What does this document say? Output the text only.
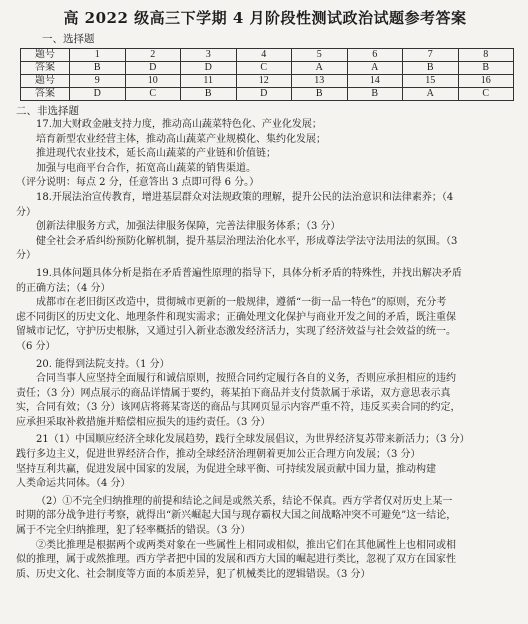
高 2022 级高三下学期 4 月阶段性测试政治试题参考答案
一、选择题
题号	1	2	3	4	5	6	7	8
答案	B	D	D	C	A	A	B	B
题号	9	10	11	12	13	14	15	16
答案	D	C	B	D	B	B	A	C
二、非选择题

17.加大财政金融支持力度，推动高山蔬菜特色化、产业化发展；

培育新型农业经营主体，推动高山蔬菜产业规模化、集约化发展；

推进现代农业技术，延长高山蔬菜的产业链和价值链；

加强与电商平台合作，拓宽高山蔬菜的销售渠道。

（评分说明：每点 2 分，任意答出 3 点即可得 6 分。）

18.开展法治宣传教育，增进基层群众对法规政策的理解，提升公民的法治意识和法律素养；（4

分）

创新法律服务方式，加强法律服务保障，完善法律服务体系；（3 分）

健全社会矛盾纠纷预防化解机制，提升基层治理法治化水平，形成尊法学法守法用法的氛围。（3

分）

19.具体问题具体分析是指在矛盾普遍性原理的指导下，具体分析矛盾的特殊性，并找出解决矛盾

的正确方法；（4 分）

成都市在老旧街区改造中，贯彻城市更新的一般规律，遵循“一街一品一特色”的原则，充分考

虑不同街区的历史文化、地理条件和现实需求；正确处理文化保护与商业开发之间的矛盾，既注重保

留城市记忆，守护历史根脉，又通过引入新业态激发经济活力，实现了经济效益与社会效益的统一。

（6 分）

20. 能得到法院支持。（1 分）

合同当事人应坚持全面履行和诚信原则，按照合同约定履行各自的义务，否则应承担相应的违约

责任；（3 分）网点展示的商品详情属于要约，蒋某拍下商品并支付货款属于承诺，双方意思表示真

实，合同有效；（3 分）该网店将蒋某寄送的商品与其网页显示内容严重不符，违反买卖合同的约定，

应承担采取补救措施并赔偿相应损失的违约责任。（3 分）

21（1）中国顺应经济全球化发展趋势，践行全球发展倡议，为世界经济复苏带来新活力；（3 分）

践行多边主义，促进世界经济合作，推动全球经济治理朝着更加公正合理方向发展；（3 分）

坚持互利共赢，促进发展中国家的发展，为促进全球平衡、可持续发展贡献中国力量，推动构建

人类命运共同体。（4 分）

（2）①不完全归纳推理的前提和结论之间是或然关系，结论不保真。西方学者仅对历史上某一

时期的部分战争进行考察，就得出“新兴崛起大国与现存霸权大国之间战略冲突不可避免”这一结论，

属于不完全归纳推理，犯了轻率概括的错误。（3 分）

②类比推理是根据两个或两类对象在一些属性上相同或相似，推出它们在其他属性上也相同或相

似的推理，属于或然推理。西方学者把中国的发展和西方大国的崛起进行类比，忽视了双方在国家性

质、历史文化、社会制度等方面的本质差异，犯了机械类比的逻辑错误。（3 分）
